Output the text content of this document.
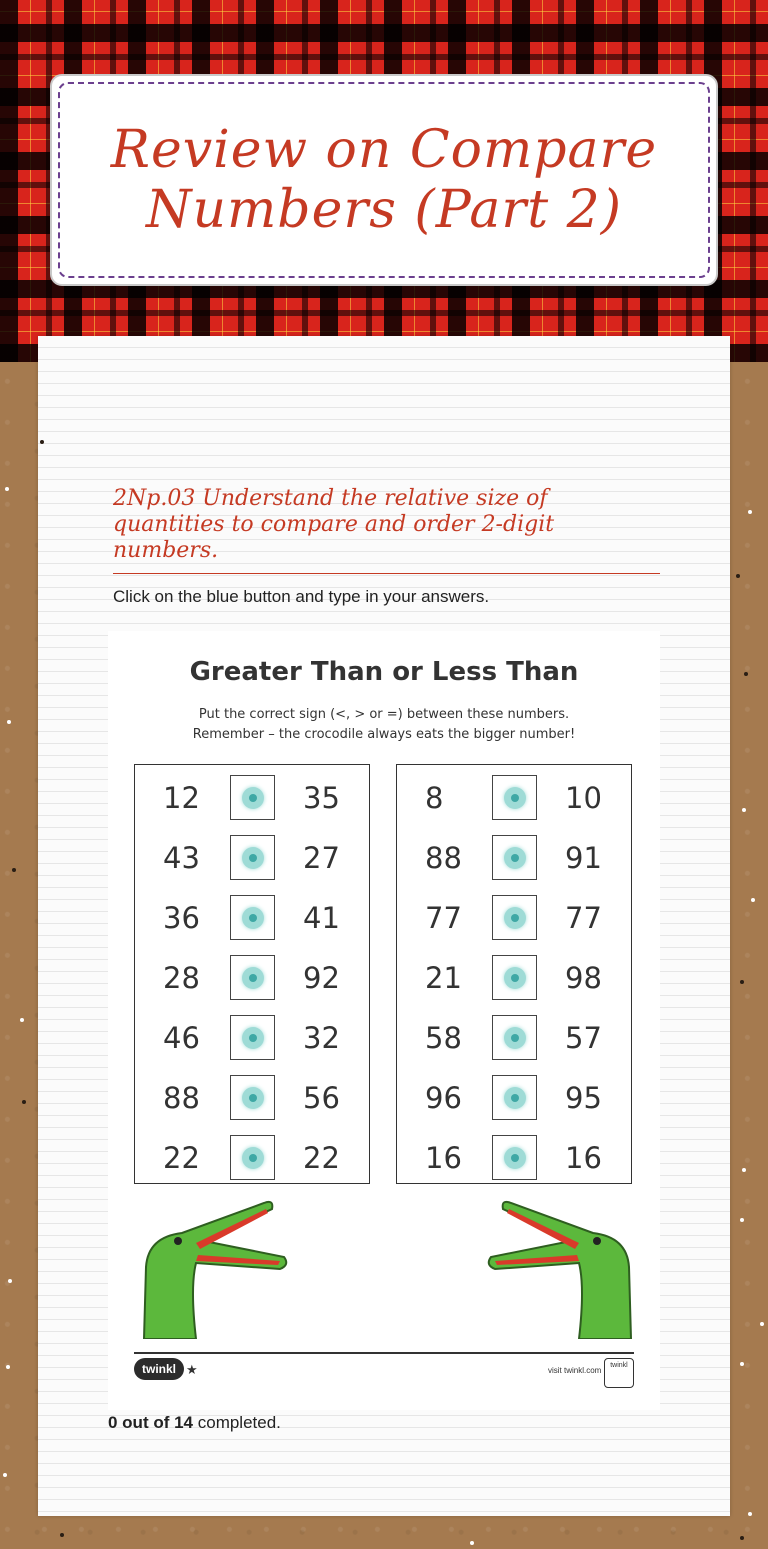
Review on Compare Numbers (Part 2)
2Np.03 Understand the relative size of quantities to compare and order 2-digit numbers.
Click on the blue button and type in your answers.
Greater Than or Less Than
Put the correct sign (<, > or =) between these numbers.
Remember – the crocodile always eats the bigger number!
12	35
43	27
36	41
28	92
46	32
88	56
22	22
8	10
88	91
77	77
21	98
58	57
96	95
16	16
twinkl ★	visit twinkl.com
twinkl
0 out of 14 completed.
